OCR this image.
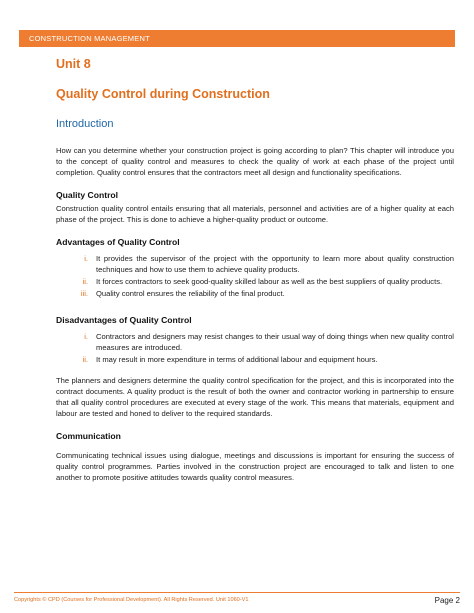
CONSTRUCTION MANAGEMENT
Unit 8
Quality Control during Construction
Introduction

How can you determine whether your construction project is going according to plan? This chapter will introduce you to the concept of quality control and measures to check the quality of work at each phase of the project until completion. Quality control ensures that the contractors meet all design and functionality specifications.

Quality Control

Construction quality control entails ensuring that all materials, personnel and activities are of a higher quality at each phase of the project. This is done to achieve a higher-quality product or outcome.

Advantages of Quality Control
i.	It provides the supervisor of the project with the opportunity to learn more about quality construction techniques and how to use them to achieve quality products.
ii.	It forces contractors to seek good-quality skilled labour as well as the best suppliers of quality products.
iii.	Quality control ensures the reliability of the final product.
Disadvantages of Quality Control
i.	Contractors and designers may resist changes to their usual way of doing things when new quality control measures are introduced.
ii.	It may result in more expenditure in terms of additional labour and equipment hours.

The planners and designers determine the quality control specification for the project, and this is incorporated into the contract documents. A quality product is the result of both the owner and contractor working in partnership to ensure that all quality control procedures are executed at every stage of the work. This means that materials, equipment and labour are tested and honed to deliver to the required standards.

Communication

Communicating technical issues using dialogue, meetings and discussions is important for ensuring the success of quality control programmes. Parties involved in the construction project are encouraged to talk and listen to one another to promote positive attitudes towards quality control measures.

Copyrights © CPD (Courses for Professional Development). All Rights Reserved. Unit 1060-V1	Page 2
